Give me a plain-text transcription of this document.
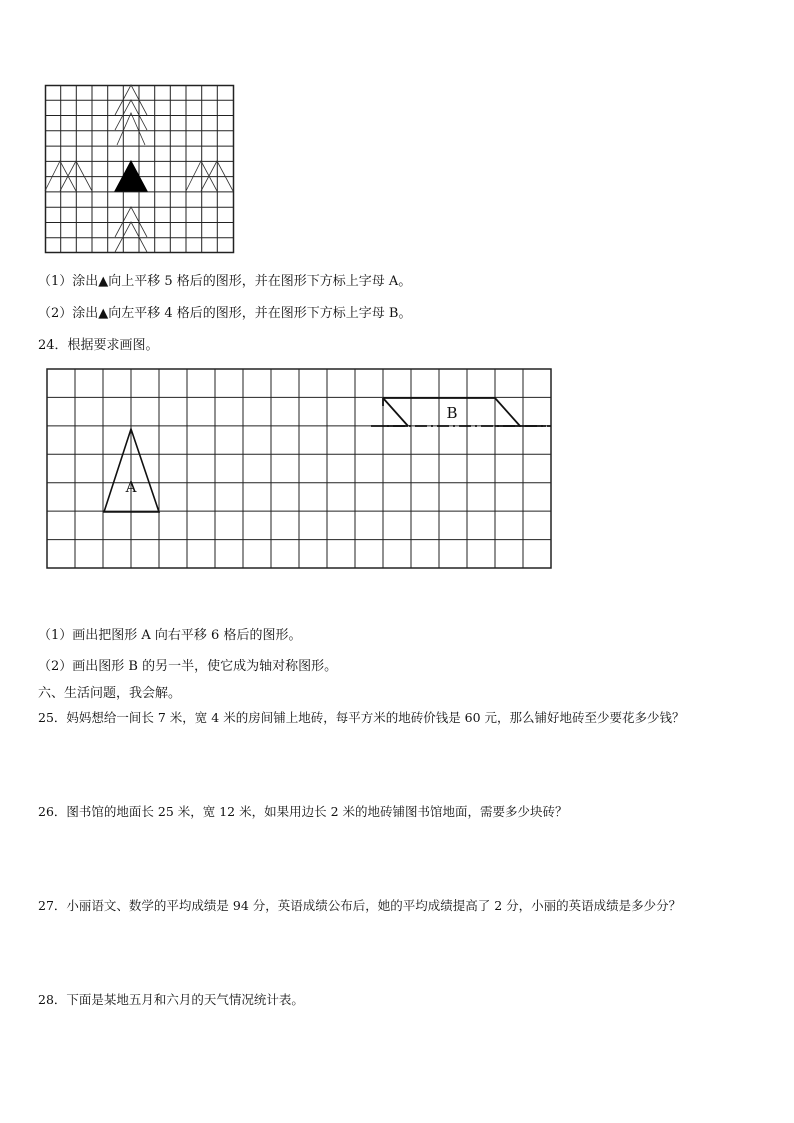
（1）涂出▲向上平移 5 格后的图形，并在图形下方标上字母 A。
（2）涂出▲向左平移 4 格后的图形，并在图形下方标上字母 B。
24．根据要求画图。
A
B
（1）画出把图形 A 向右平移 6 格后的图形。
（2）画出图形 B 的另一半，使它成为轴对称图形。
六、生活问题，我会解。
25．妈妈想给一间长 7 米，宽 4 米的房间铺上地砖，每平方米的地砖价钱是 60 元，那么铺好地砖至少要花多少钱？
26．图书馆的地面长 25 米，宽 12 米，如果用边长 2 米的地砖铺图书馆地面，需要多少块砖？
27．小丽语文、数学的平均成绩是 94 分，英语成绩公布后，她的平均成绩提高了 2 分，小丽的英语成绩是多少分？
28．下面是某地五月和六月的天气情况统计表。
